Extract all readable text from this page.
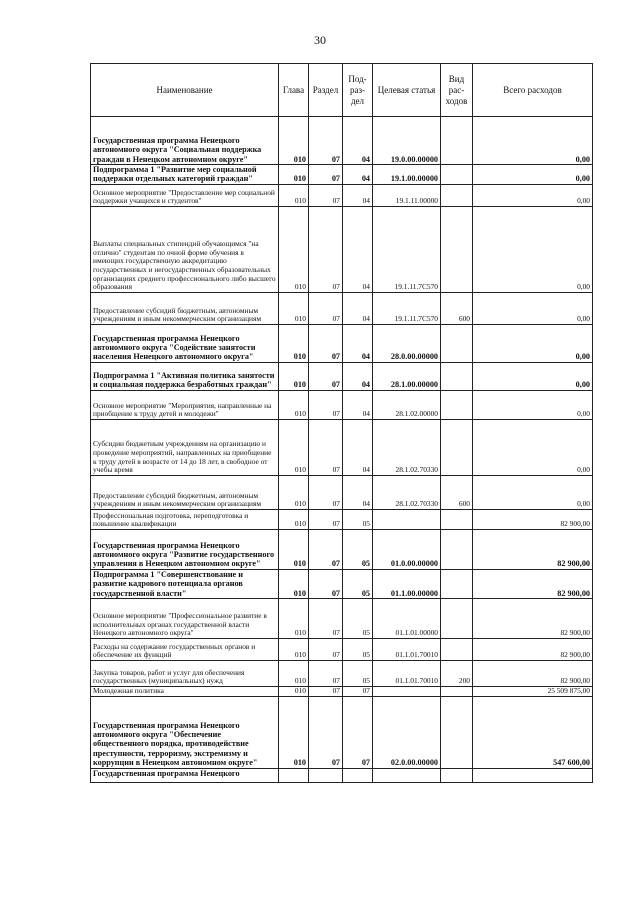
30
Наименование	Глава	Раздел	Под-раз-дел	Целевая статья	Вид рас-ходов	Всего расходов
Государственная программа Ненецкого автономного округа "Социальная поддержка граждан в Ненецком автономном округе"	010	07	04	19.0.00.00000		0,00
Подпрограмма 1 "Развитие мер социальной поддержки отдельных категорий граждан"	010	07	04	19.1.00.00000		0,00
Основное мероприятие "Предоставление мер социальной поддержки учащихся и студентов"	010	07	04	19.1.11.00000		0,00
Выплаты специальных стипендий обучающимся "на отлично" студентам по очной форме обучения в имеющих государственную аккредитацию государственных и негосударственных образовательных организациях среднего профессионального либо высшего образования	010	07	04	19.1.11.7С570		0,00
Предоставление субсидий бюджетным, автономным учреждениям и иным некоммерческим организациям	010	07	04	19.1.11.7С570	600	0,00
Государственная программа Ненецкого автономного округа "Содействие занятости населения Ненецкого автономного округа"	010	07	04	28.0.00.00000		0,00
Подпрограмма 1 "Активная политика занятости и социальная поддержка безработных граждан"	010	07	04	28.1.00.00000		0,00
Основное мероприятие "Мероприятия, направленные на приобщение к труду детей и молодежи"	010	07	04	28.1.02.00000		0,00
Субсидии бюджетным учреждениям на организацию и проведение мероприятий, направленных на приобщение к труду детей в возрасте от 14 до 18 лет, в свободное от учебы время	010	07	04	28.1.02.70330		0,00
Предоставление субсидий бюджетным, автономным учреждениям и иным некоммерческим организациям	010	07	04	28.1.02.70330	600	0,00
Профессиональная подготовка, переподготовка и повышение квалификации	010	07	05			82 900,00
Государственная программа Ненецкого автономного округа "Развитие государственного управления в Ненецком автономном округе"	010	07	05	01.0.00.00000		82 900,00
Подпрограмма 1 "Совершенствование и развитие кадрового потенциала органов государственной власти"	010	07	05	01.1.00.00000		82 900,00
Основное мероприятие "Профессиональное развитие в исполнительных органах государственной власти Ненецкого автономного округа"	010	07	05	01.1.01.00000		82 900,00
Расходы на содержание государственных органов и обеспечение их функций	010	07	05	01.1.01.70010		82 900,00
Закупка товаров, работ и услуг для обеспечения государственных (муниципальных) нужд	010	07	05	01.1.01.70010	200	82 900,00
Молодежная политика	010	07	07			25 509 875,00
Государственная программа Ненецкого автономного округа "Обеспечение общественного порядка, противодействие преступности, терроризму, экстремизму и коррупции в Ненецком автономном округе"	010	07	07	02.0.00.00000		547 600,00
Государственная программа Ненецкого						
